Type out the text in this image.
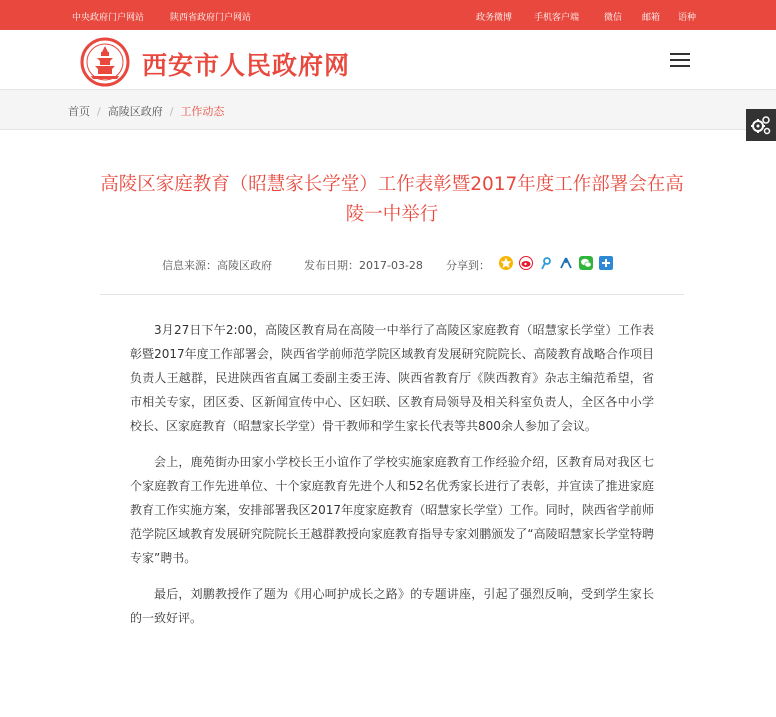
中央政府门户网站	陕西省政府门户网站	政务微博 手机客户端	微信 邮箱 语种
西安市人民政府网
首页 / 高陵区政府 / 工作动态
高陵区家庭教育（昭慧家长学堂）工作表彰暨2017年度工作部署会在高陵一中举行
信息来源：高陵区政府	发布日期：2017-03-28 分享到：

3月27日下午2:00，高陵区教育局在高陵一中举行了高陵区家庭教育（昭慧家长学堂）工作表彰暨2017年度工作部署会，陕西省学前师范学院区域教育发展研究院院长、高陵教育战略合作项目负责人王越群，民进陕西省直属工委副主委王涛、陕西省教育厅《陕西教育》杂志主编范希望，省市相关专家，团区委、区新闻宣传中心、区妇联、区教育局领导及相关科室负责人，全区各中小学校长、区家庭教育（昭慧家长学堂）骨干教师和学生家长代表等共800余人参加了会议。

会上，鹿苑街办田家小学校长王小谊作了学校实施家庭教育工作经验介绍，区教育局对我区七个家庭教育工作先进单位、十个家庭教育先进个人和52名优秀家长进行了表彰，并宣读了推进家庭教育工作实施方案，安排部署我区2017年度家庭教育（昭慧家长学堂）工作。同时，陕西省学前师范学院区域教育发展研究院院长王越群教授向家庭教育指导专家刘鹏颁发了“高陵昭慧家长学堂特聘专家”聘书。

最后，刘鹏教授作了题为《用心呵护成长之路》的专题讲座，引起了强烈反响，受到学生家长的一致好评。
